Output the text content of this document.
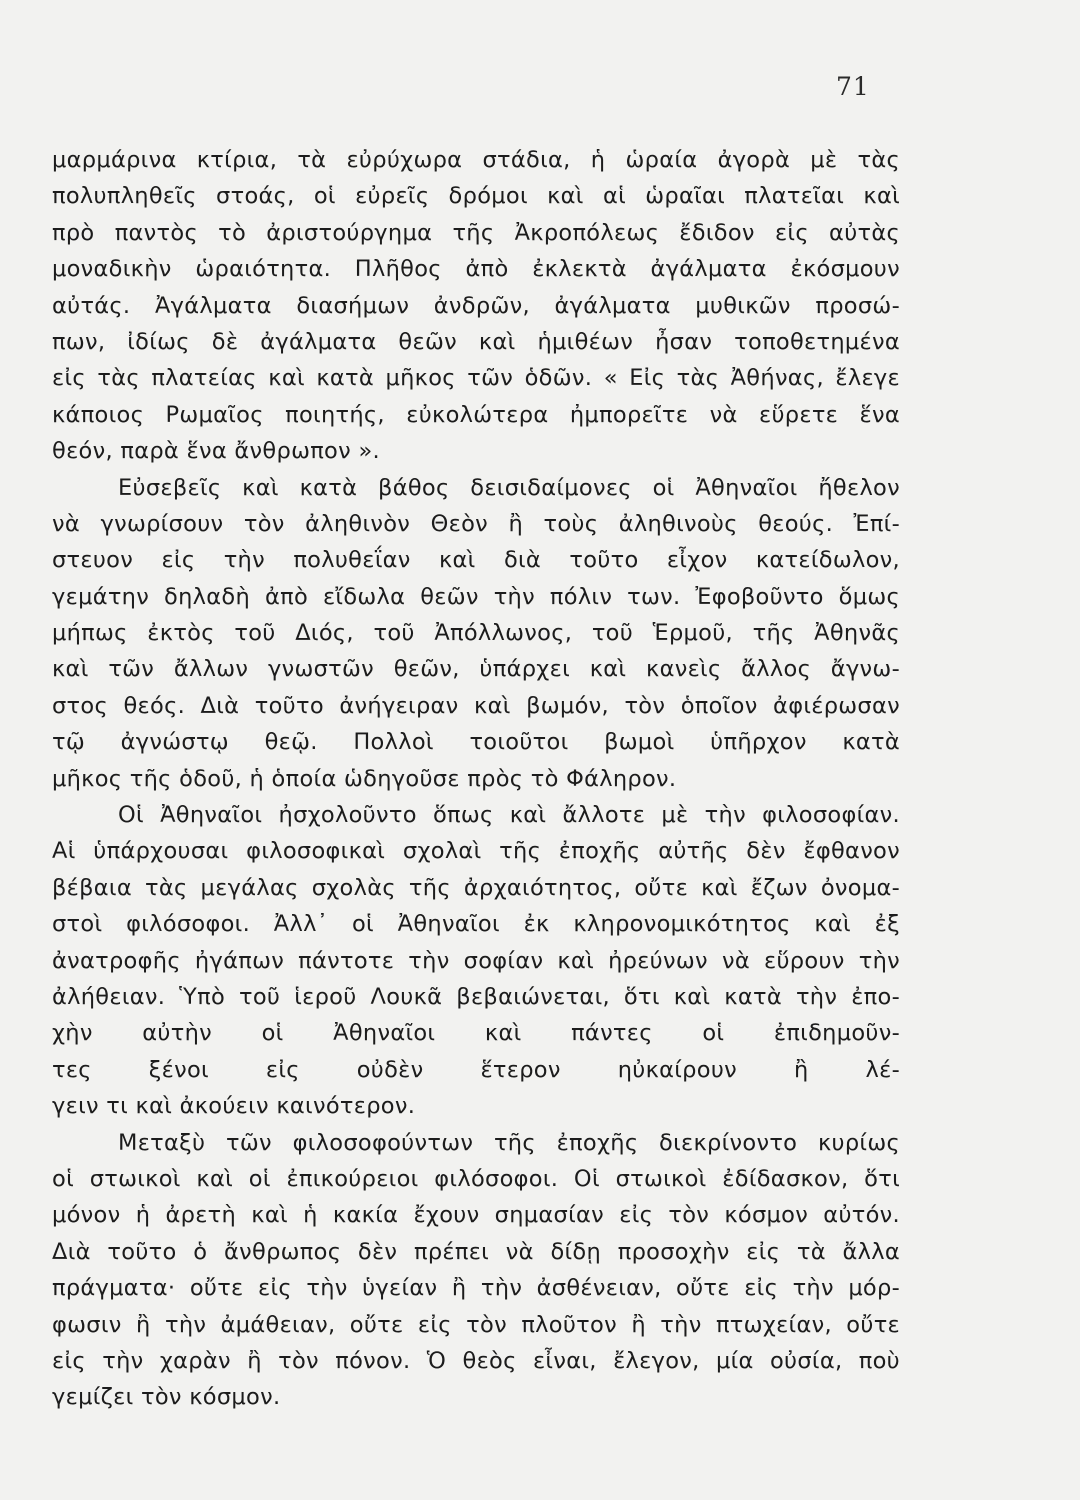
71
μαρμάρινα κτίρια, τὰ εὐρύχωρα στάδια, ἡ ὡραία ἀγορὰ μὲ τὰς
πολυπληθεῖς στοάς, οἱ εὐρεῖς δρόμοι καὶ αἱ ὡραῖαι πλατεῖαι καὶ
πρὸ παντὸς τὸ ἀριστούργημα τῆς Ἀκροπόλεως ἔδιδον εἰς αὐτὰς
μοναδικὴν ὡραιότητα. Πλῆθος ἀπὸ ἐκλεκτὰ ἀγάλματα ἐκόσμουν
αὐτάς. Ἀγάλματα διασήμων ἀνδρῶν, ἀγάλματα μυθικῶν προσώ-
πων, ἰδίως δὲ ἀγάλματα θεῶν καὶ ἡμιθέων ἦσαν τοποθετημένα
εἰς τὰς πλατείας καὶ κατὰ μῆκος τῶν ὁδῶν. « Εἰς τὰς Ἀθήνας, ἔλεγε
κάποιος Ρωμαῖος ποιητής, εὐκολώτερα ἠμπορεῖτε νὰ εὕρετε ἕνα
θεόν, παρὰ ἕνα ἄνθρωπον ».
Εὐσεβεῖς καὶ κατὰ βάθος δεισιδαίμονες οἱ Ἀθηναῖοι ἤθελον
νὰ γνωρίσουν τὸν ἀληθινὸν Θεὸν ἢ τοὺς ἀληθινοὺς θεούς. Ἐπί-
στευον εἰς τὴν πολυθεΐαν καὶ διὰ τοῦτο εἶχον κατείδωλον,
γεμάτην δηλαδὴ ἀπὸ εἴδωλα θεῶν τὴν πόλιν των. Ἐφοβοῦντο ὅμως
μήπως ἐκτὸς τοῦ Διός, τοῦ Ἀπόλλωνος, τοῦ Ἑρμοῦ, τῆς Ἀθηνᾶς
καὶ τῶν ἄλλων γνωστῶν θεῶν, ὑπάρχει καὶ κανεὶς ἄλλος ἄγνω-
στος θεός. Διὰ τοῦτο ἀνήγειραν καὶ βωμόν, τὸν ὁποῖον ἀφιέρωσαν
τῷ ἀγνώστῳ θεῷ. Πολλοὶ τοιοῦτοι βωμοὶ ὑπῆρχον κατὰ
μῆκος τῆς ὁδοῦ, ἡ ὁποία ὡδηγοῦσε πρὸς τὸ Φάληρον.
Οἱ Ἀθηναῖοι ἠσχολοῦντο ὅπως καὶ ἄλλοτε μὲ τὴν φιλοσοφίαν.
Αἱ ὑπάρχουσαι φιλοσοφικαὶ σχολαὶ τῆς ἐποχῆς αὐτῆς δὲν ἔφθανον
βέβαια τὰς μεγάλας σχολὰς τῆς ἀρχαιότητος, οὔτε καὶ ἔζων ὀνομα-
στοὶ φιλόσοφοι. Ἀλλ᾽ οἱ Ἀθηναῖοι ἐκ κληρονομικότητος καὶ ἐξ
ἀνατροφῆς ἠγάπων πάντοτε τὴν σοφίαν καὶ ἠρεύνων νὰ εὕρουν τὴν
ἀλήθειαν. Ὑπὸ τοῦ ἱεροῦ Λουκᾶ βεβαιώνεται, ὅτι καὶ κατὰ τὴν ἐπο-
χὴν αὐτὴν οἱ Ἀθηναῖοι καὶ πάντες οἱ ἐπιδημοῦν-
τες ξένοι εἰς οὐδὲν ἕτερον ηὐκαίρουν ἢ λέ-
γειν τι καὶ ἀκούειν καινότερον.
Μεταξὺ τῶν φιλοσοφούντων τῆς ἐποχῆς διεκρίνοντο κυρίως
οἱ στωικοὶ καὶ οἱ ἐπικούρειοι φιλόσοφοι. Οἱ στωικοὶ ἐδίδασκον, ὅτι
μόνον ἡ ἀρετὴ καὶ ἡ κακία ἔχουν σημασίαν εἰς τὸν κόσμον αὐτόν.
Διὰ τοῦτο ὁ ἄνθρωπος δὲν πρέπει νὰ δίδῃ προσοχὴν εἰς τὰ ἄλλα
πράγματα· οὔτε εἰς τὴν ὑγείαν ἢ τὴν ἀσθένειαν, οὔτε εἰς τὴν μόρ-
φωσιν ἢ τὴν ἀμάθειαν, οὔτε εἰς τὸν πλοῦτον ἢ τὴν πτωχείαν, οὔτε
εἰς τὴν χαρὰν ἢ τὸν πόνον. Ὁ θεὸς εἶναι, ἔλεγον, μία οὐσία, ποὺ
γεμίζει τὸν κόσμον.
